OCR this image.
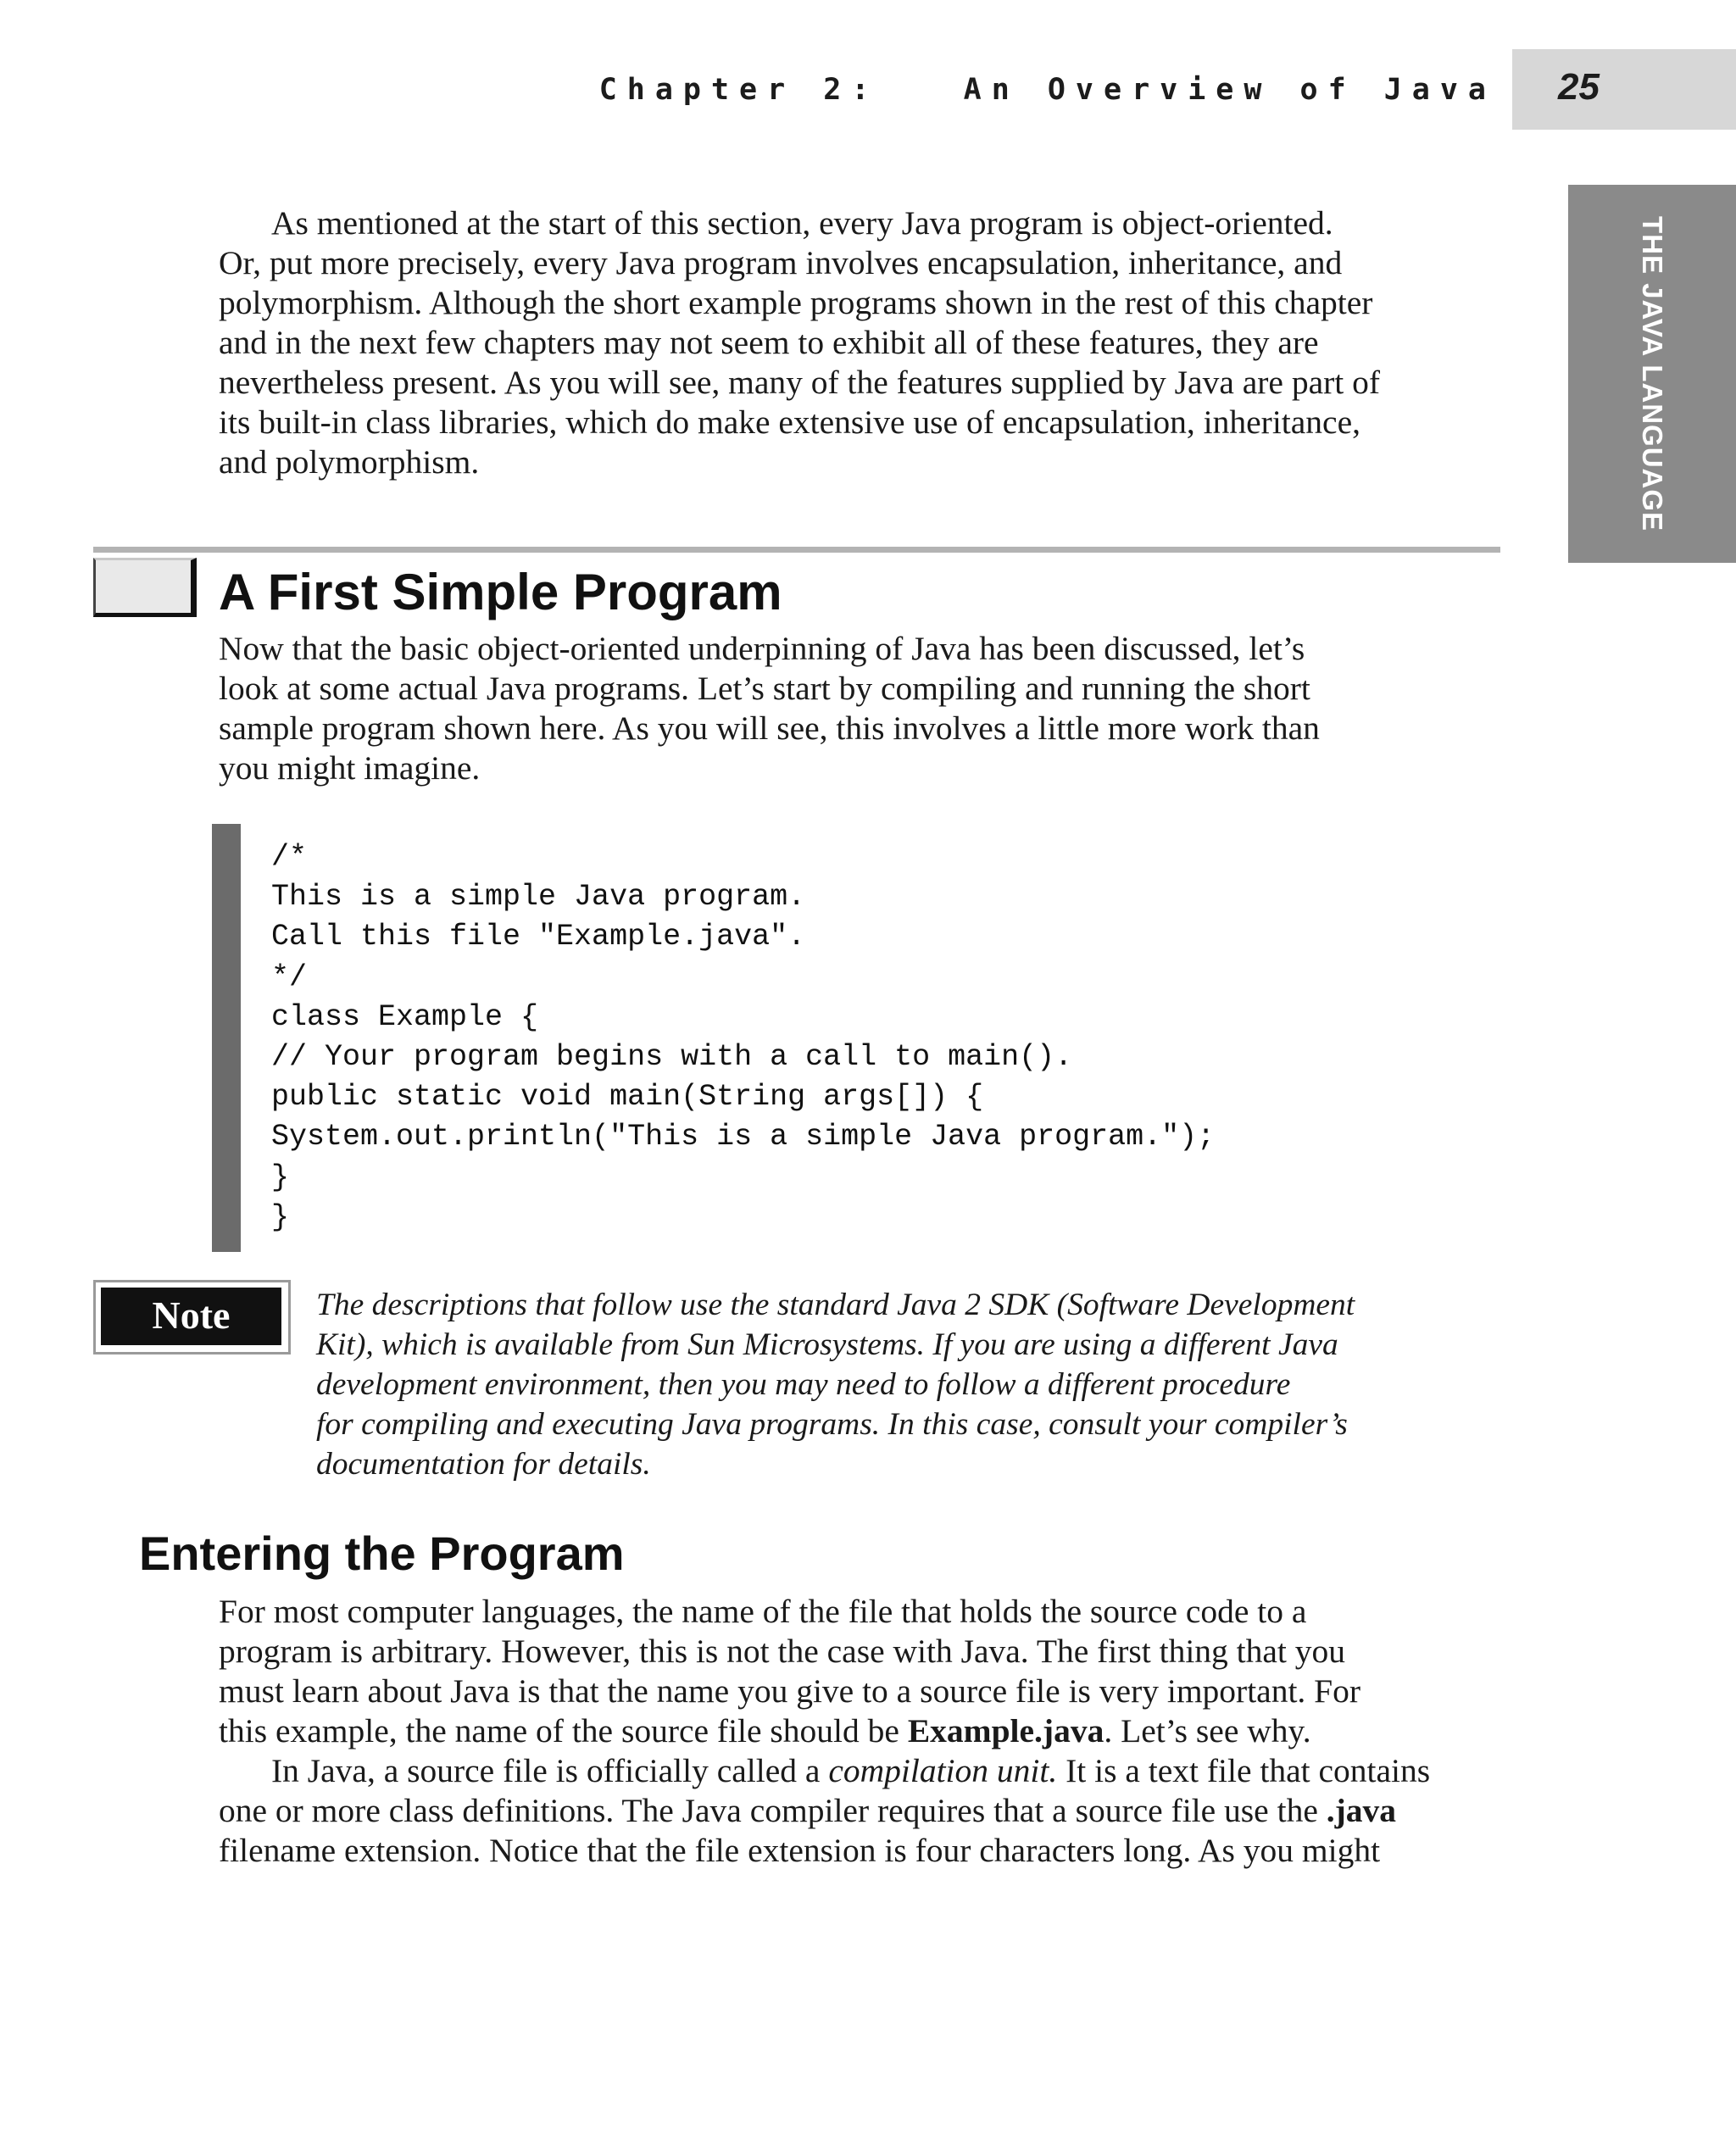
Chapter 2:   An Overview of Java 25
THE JAVA LANGUAGE
As mentioned at the start of this section, every Java program is object-oriented.
Or, put more precisely, every Java program involves encapsulation, inheritance, and
polymorphism. Although the short example programs shown in the rest of this chapter
and in the next few chapters may not seem to exhibit all of these features, they are
nevertheless present. As you will see, many of the features supplied by Java are part of
its built-in class libraries, which do make extensive use of encapsulation, inheritance,
and polymorphism.
A First Simple Program
Now that the basic object-oriented underpinning of Java has been discussed, let’s
look at some actual Java programs. Let’s start by compiling and running the short
sample program shown here. As you will see, this involves a little more work than
you might imagine.
/*
This is a simple Java program.
Call this file "Example.java".
*/
class Example {
// Your program begins with a call to main().
public static void main(String args[]) {
System.out.println("This is a simple Java program.");
}
}
Note	The descriptions that follow use the standard Java 2 SDK (Software Development
Kit), which is available from Sun Microsystems. If you are using a different Java
development environment, then you may need to follow a different procedure
for compiling and executing Java programs. In this case, consult your compiler’s
documentation for details.
Entering the Program
For most computer languages, the name of the file that holds the source code to a
program is arbitrary. However, this is not the case with Java. The first thing that you
must learn about Java is that the name you give to a source file is very important. For
this example, the name of the source file should be Example.java. Let’s see why.
In Java, a source file is officially called a compilation unit. It is a text file that contains
one or more class definitions. The Java compiler requires that a source file use the .java
filename extension. Notice that the file extension is four characters long. As you might
